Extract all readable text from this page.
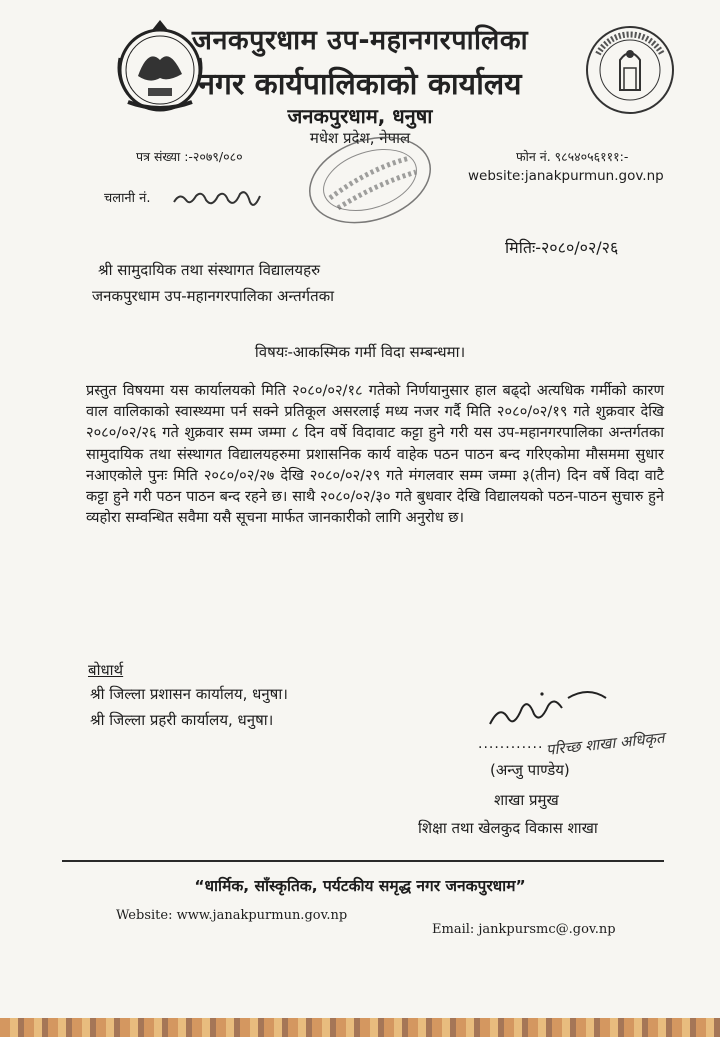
जनकपुरधाम उप-महानगरपालिका
नगर कार्यपालिकाको कार्यालय
जनकपुरधाम, धनुषा
मधेश प्रदेश, नेपाल
पत्र संख्या :-२०७९/०८०	फोन नं. ९८५४०५६१११:-
website:janakpurmun.gov.np
चलानी नं.
मितिः-२०८०/०२/२६
श्री सामुदायिक तथा संस्थागत विद्यालयहरु
जनकपुरधाम उप-महानगरपालिका अन्तर्गतका
विषयः-आकस्मिक गर्मी विदा सम्बन्धमा।
प्रस्तुत विषयमा यस कार्यालयको मिति २०८०/०२/१८ गतेको निर्णयानुसार हाल बढ्दो अत्यधिक गर्मीको कारण वाल वालिकाको स्वास्थ्यमा पर्न सक्ने प्रतिकूल असरलाई मध्य नजर गर्दै मिति २०८०/०२/१९ गते शुक्रवार देखि २०८०/०२/२६ गते शुक्रवार सम्म जम्मा ८ दिन वर्षे विदावाट कट्टा हुने गरी यस उप-महानगरपालिका अन्तर्गतका सामुदायिक तथा संस्थागत विद्यालयहरुमा प्रशासनिक कार्य वाहेक पठन पाठन बन्द गरिएकोमा मौसममा सुधार नआएकोले पुनः मिति २०८०/०२/२७ देखि २०८०/०२/२९ गते मंगलवार सम्म जम्मा ३(तीन) दिन वर्षे विदा वाटै कट्टा हुने गरी पठन पाठन बन्द रहने छ। साथै २०८०/०२/३० गते बुधवार देखि विद्यालयको पठन-पाठन सुचारु हुने व्यहोरा सम्वन्धित सवैमा यसै सूचना मार्फत जानकारीको लागि अनुरोध छ।
बोधार्थ
श्री जिल्ला प्रशासन कार्यालय, धनुषा।
श्री जिल्ला प्रहरी कार्यालय, धनुषा।
............ परिच्छ शाखा अधिकृत
(अन्जु पाण्डेय)
शाखा प्रमुख
शिक्षा तथा खेलकुद विकास शाखा
“धार्मिक, साँस्कृतिक, पर्यटकीय समृद्ध नगर जनकपुरधाम”
Website: www.janakpurmun.gov.np
Email: jankpursmc@.gov.np
